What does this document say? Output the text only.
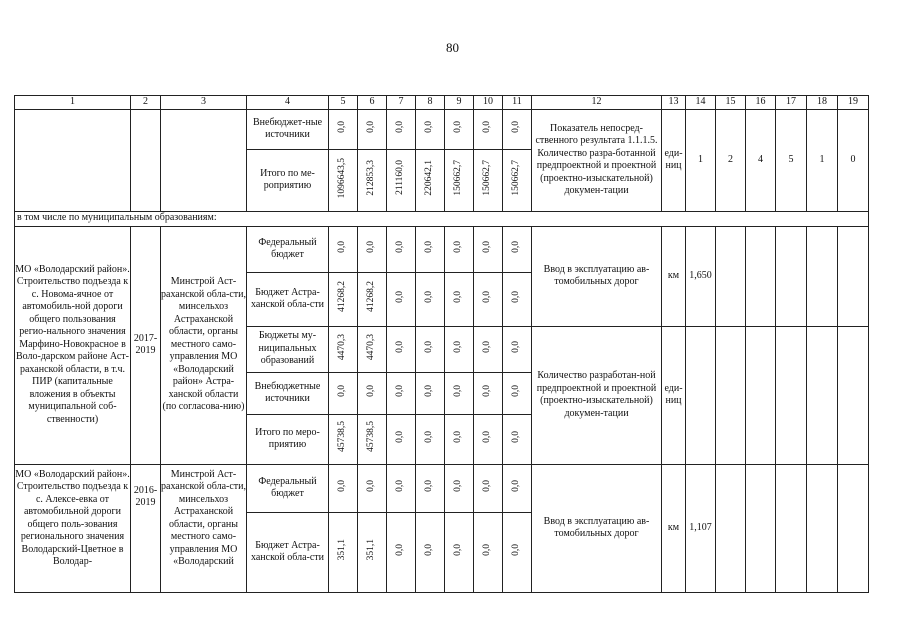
80
1	2	3	4	5	6	7	8	9	10	11	12	13	14	15	16	17	18	19
			Внебюджет-ные источники	0,0	0,0	0,0	0,0	0,0	0,0	0,0	Показатель непосред-ственного результата 1.1.1.5. Количество разра-ботанной предпроектной и проектной (проектно-изыскательной) докумен-тации	еди-ниц	1	2	4	5	1	0
			Итого по ме-роприятию	1096643,5	212853,3	211160,0	220642,1	150662,7	150662,7	150662,7								
в том числе по муниципальным образованиям:																		
МО «Володарский район». Строительство подъезда к с. Новома-ячное от автомобиль-ной дороги общего пользования регио-нального значения Марфино-Новокрасное в Воло-дарском районе Аст-раханской области, в т.ч. ПИР (капитальные вложения в объекты муниципальной соб-ственности)	2017-2019	Минстрой Аст-раханской обла-сти, минсельхоз Астраханской области, органы местного само-управления МО «Володарский район» Астра-ханской области (по согласова-нию)	Федеральный бюджет	0,0	0,0	0,0	0,0	0,0	0,0	0,0	Ввод в эксплуатацию ав-томобильных дорог	км	1,650					
			Бюджет Астра-ханской обла-сти	41268,2	41268,2	0,0	0,0	0,0	0,0	0,0								
			Бюджеты му-ниципальных образований	4470,3	4470,3	0,0	0,0	0,0	0,0	0,0	Количество разработан-ной предпроектной и проектной (проектно-изыскательной) докумен-тации	еди-ниц						
			Внебюджетные источники	0,0	0,0	0,0	0,0	0,0	0,0	0,0								
			Итого по меро-приятию	45738,5	45738,5	0,0	0,0	0,0	0,0	0,0								
МО «Володарский район». Строительство подъезда к с. Алексе-евка от автомобильной дороги общего поль-зования регионального значения Володарский-Цветное в Володар-	2016-2019	Минстрой Аст-раханской обла-сти, минсельхоз Астраханской области, органы местного само-управления МО «Володарский	Федеральный бюджет	0,0	0,0	0,0	0,0	0,0	0,0	0,0	Ввод в эксплуатацию ав-томобильных дорог	км	1,107					
			Бюджет Астра-ханской обла-сти	351,1	351,1	0,0	0,0	0,0	0,0	0,0								
